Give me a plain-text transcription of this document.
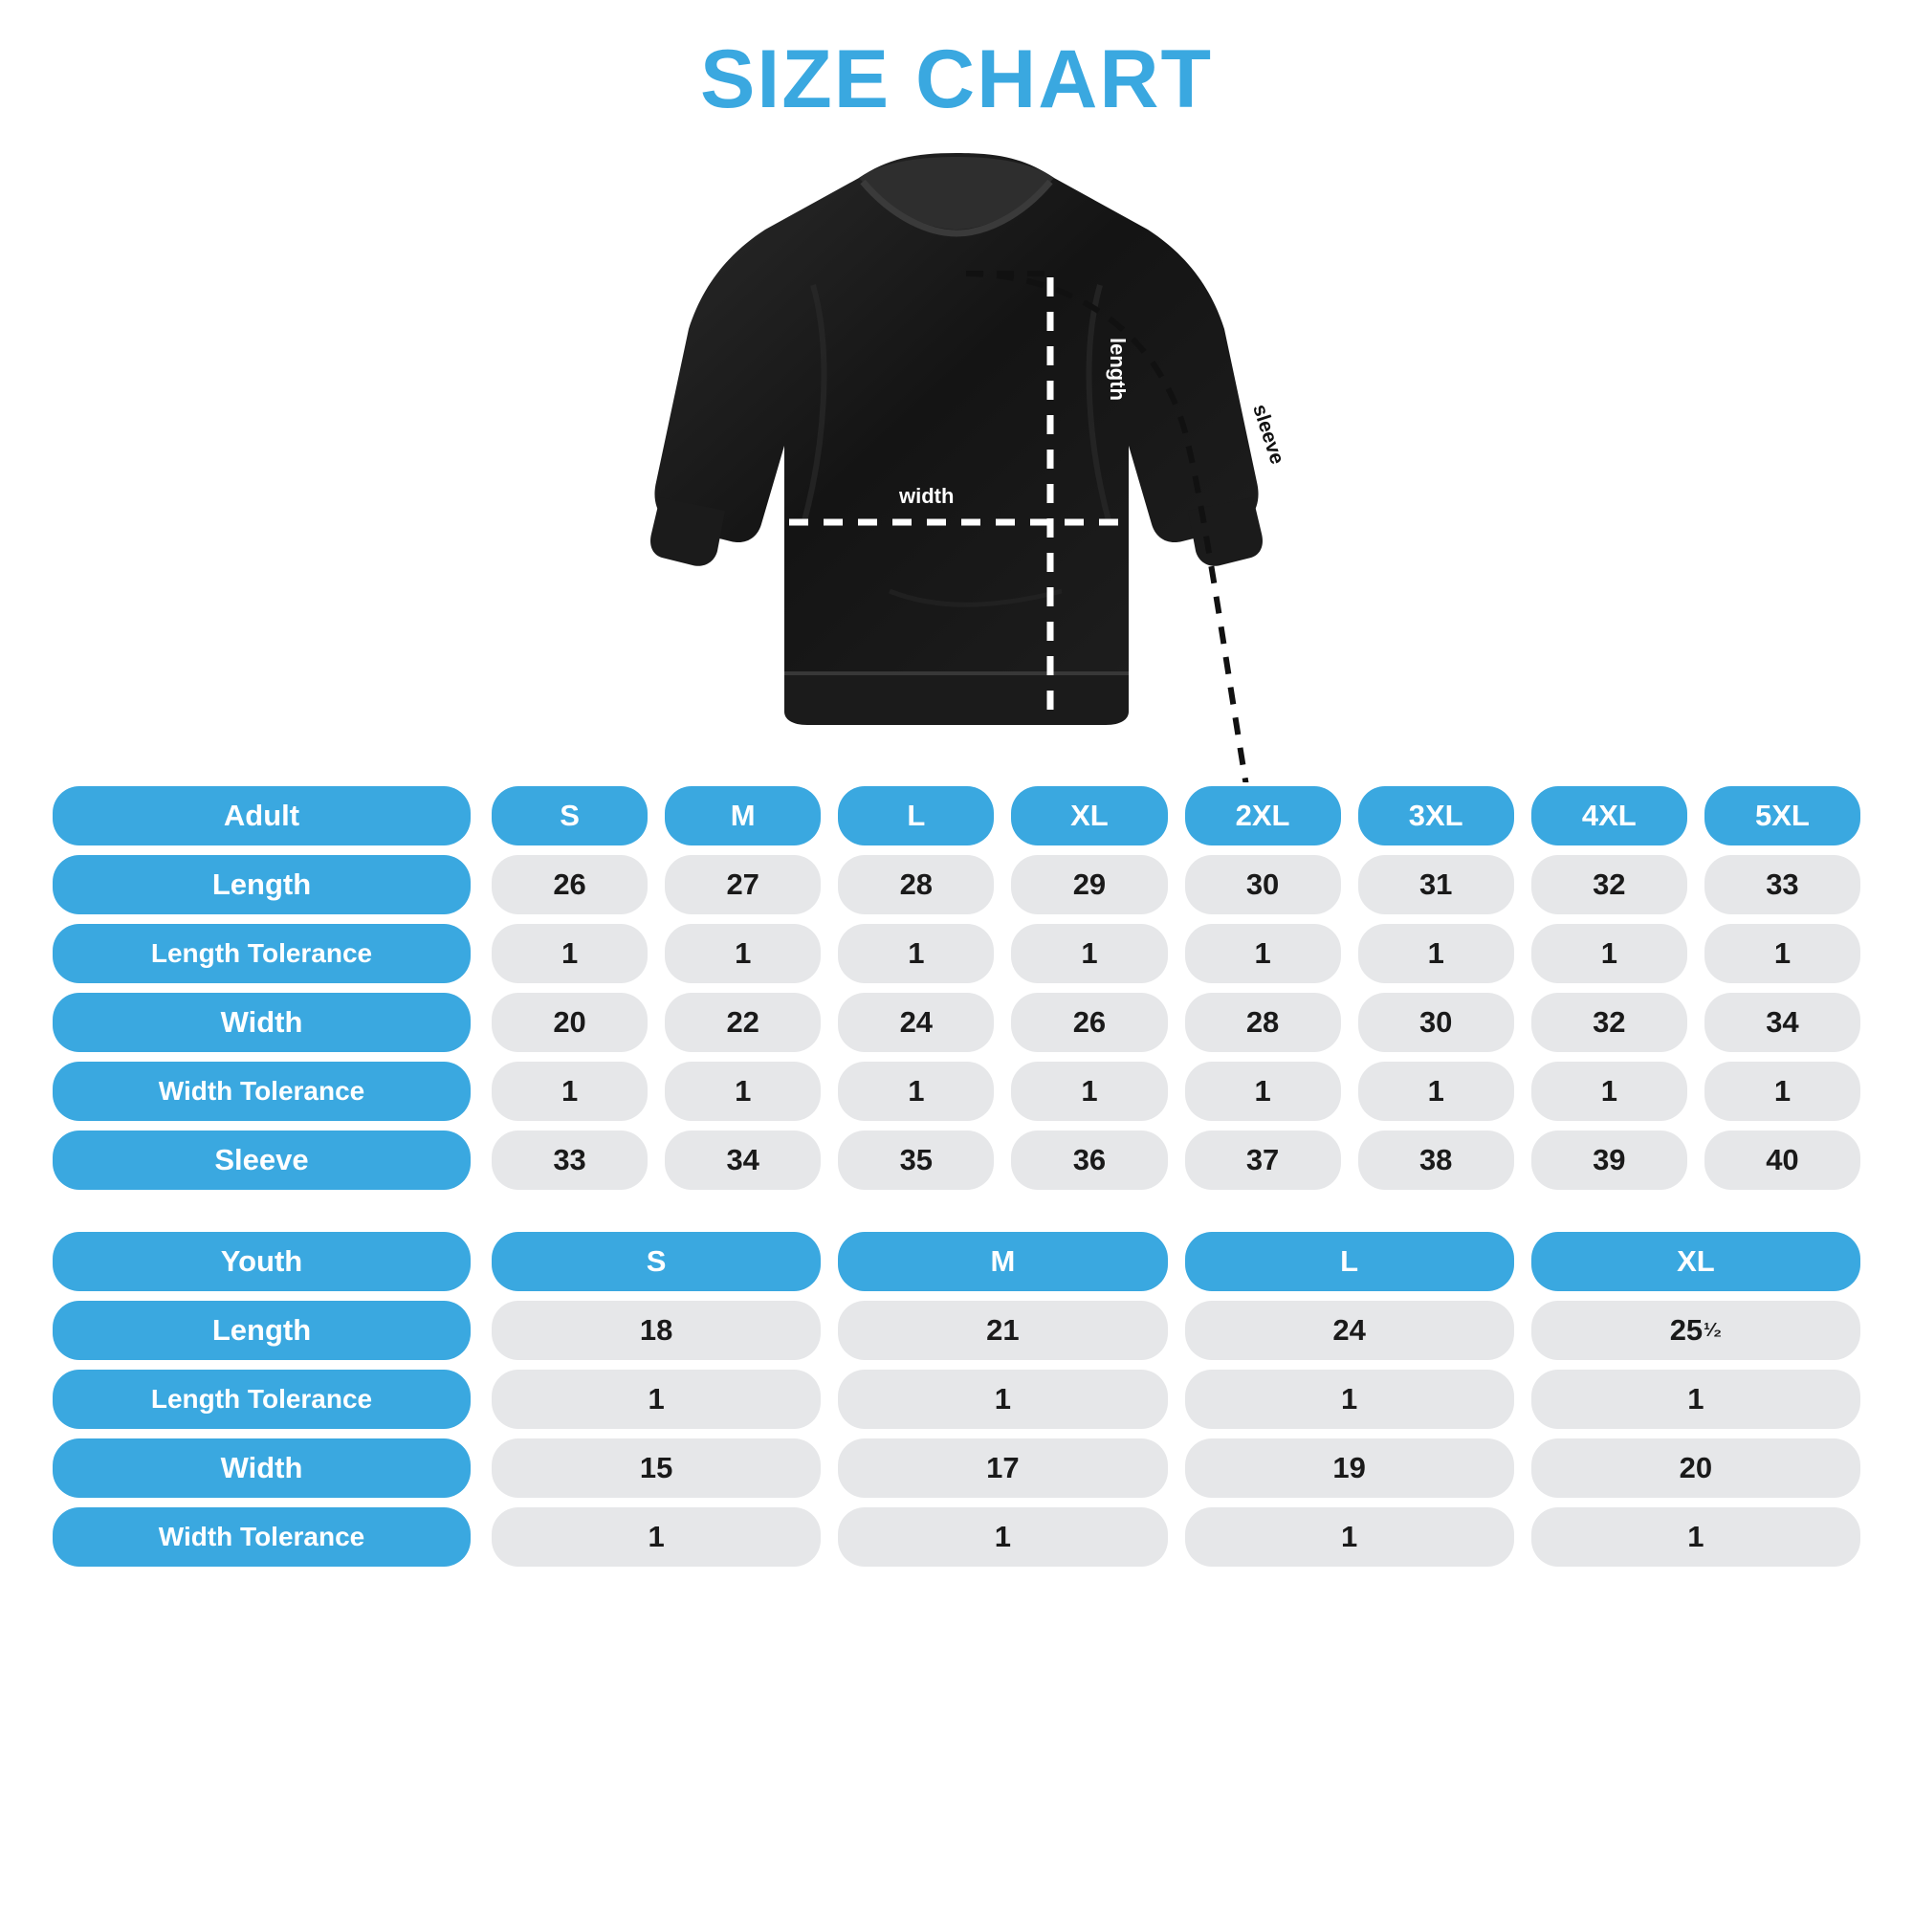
SIZE CHART
width
length
sleeve
Adult	S	M	L	XL	2XL	3XL	4XL	5XL
Length	26	27	28	29	30	31	32	33
Length Tolerance	1	1	1	1	1	1	1	1
Width	20	22	24	26	28	30	32	34
Width Tolerance	1	1	1	1	1	1	1	1
Sleeve	33	34	35	36	37	38	39	40
Youth	S	M	L	XL
Length	18	21	24	25 ¹⁄₂
Length Tolerance	1	1	1	1
Width	15	17	19	20
Width Tolerance	1	1	1	1
